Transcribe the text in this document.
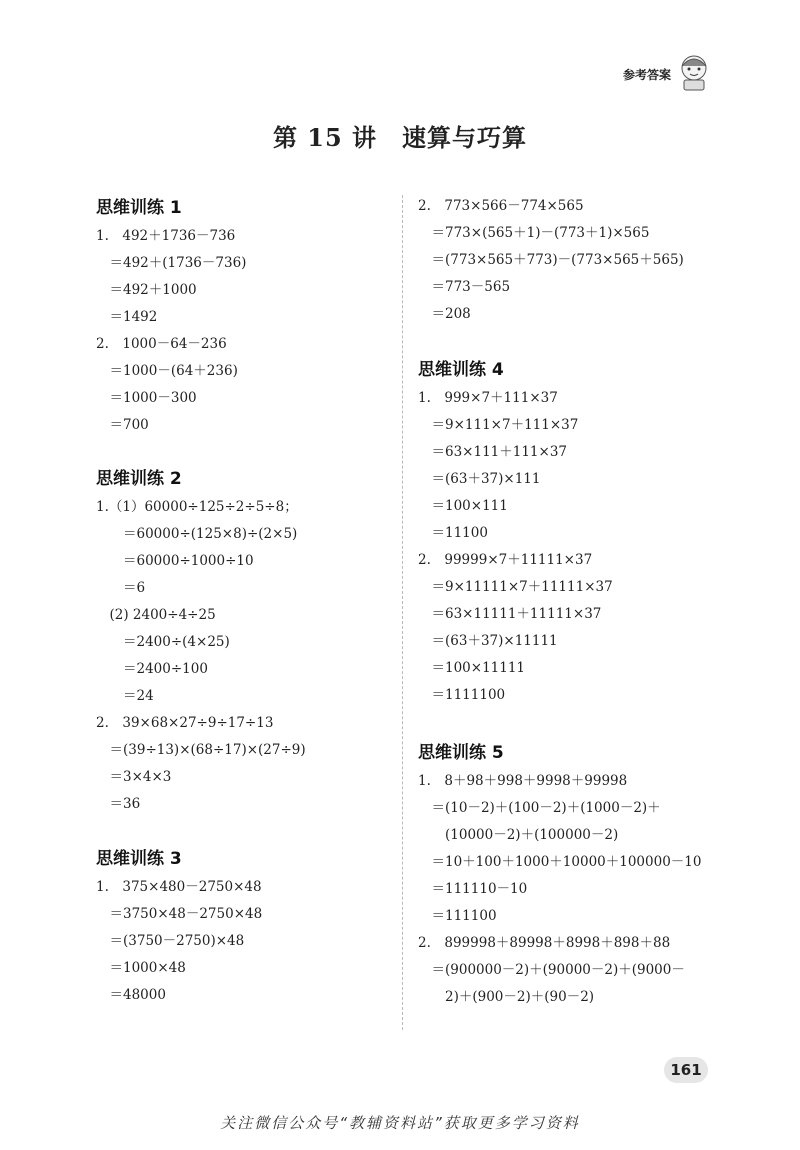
参考答案
第 15 讲　速算与巧算
思维训练 1
1.　492＋1736－736
　＝492＋(1736－736)
　＝492＋1000
　＝1492
2.　1000－64－236
　＝1000－(64＋236)
　＝1000－300
　＝700
思维训练 2
1.（1）60000÷125÷2÷5÷8；
　　＝60000÷(125×8)÷(2×5)
　　＝60000÷1000÷10
　　＝6
　(2) 2400÷4÷25
　　＝2400÷(4×25)
　　＝2400÷100
　　＝24
2.　39×68×27÷9÷17÷13
　＝(39÷13)×(68÷17)×(27÷9)
　＝3×4×3
　＝36
思维训练 3
1.　375×480－2750×48
　＝3750×48－2750×48
　＝(3750－2750)×48
　＝1000×48
　＝48000
2.　773×566－774×565
　＝773×(565＋1)－(773＋1)×565
　＝(773×565＋773)－(773×565＋565)
　＝773－565
　＝208
思维训练 4
1.　999×7＋111×37
　＝9×111×7＋111×37
　＝63×111＋111×37
　＝(63＋37)×111
　＝100×111
　＝11100
2.　99999×7＋11111×37
　＝9×11111×7＋11111×37
　＝63×11111＋11111×37
　＝(63＋37)×11111
　＝100×11111
　＝1111100
思维训练 5
1.　8＋98＋998＋9998＋99998
　＝(10－2)＋(100－2)＋(1000－2)＋
　　(10000－2)＋(100000－2)
　＝10＋100＋1000＋10000＋100000－10
　＝111110－10
　＝111100
2.　899998＋89998＋8998＋898＋88
　＝(900000－2)＋(90000－2)＋(9000－
　　2)＋(900－2)＋(90－2)
161
关注微信公众号“教辅资料站”获取更多学习资料
